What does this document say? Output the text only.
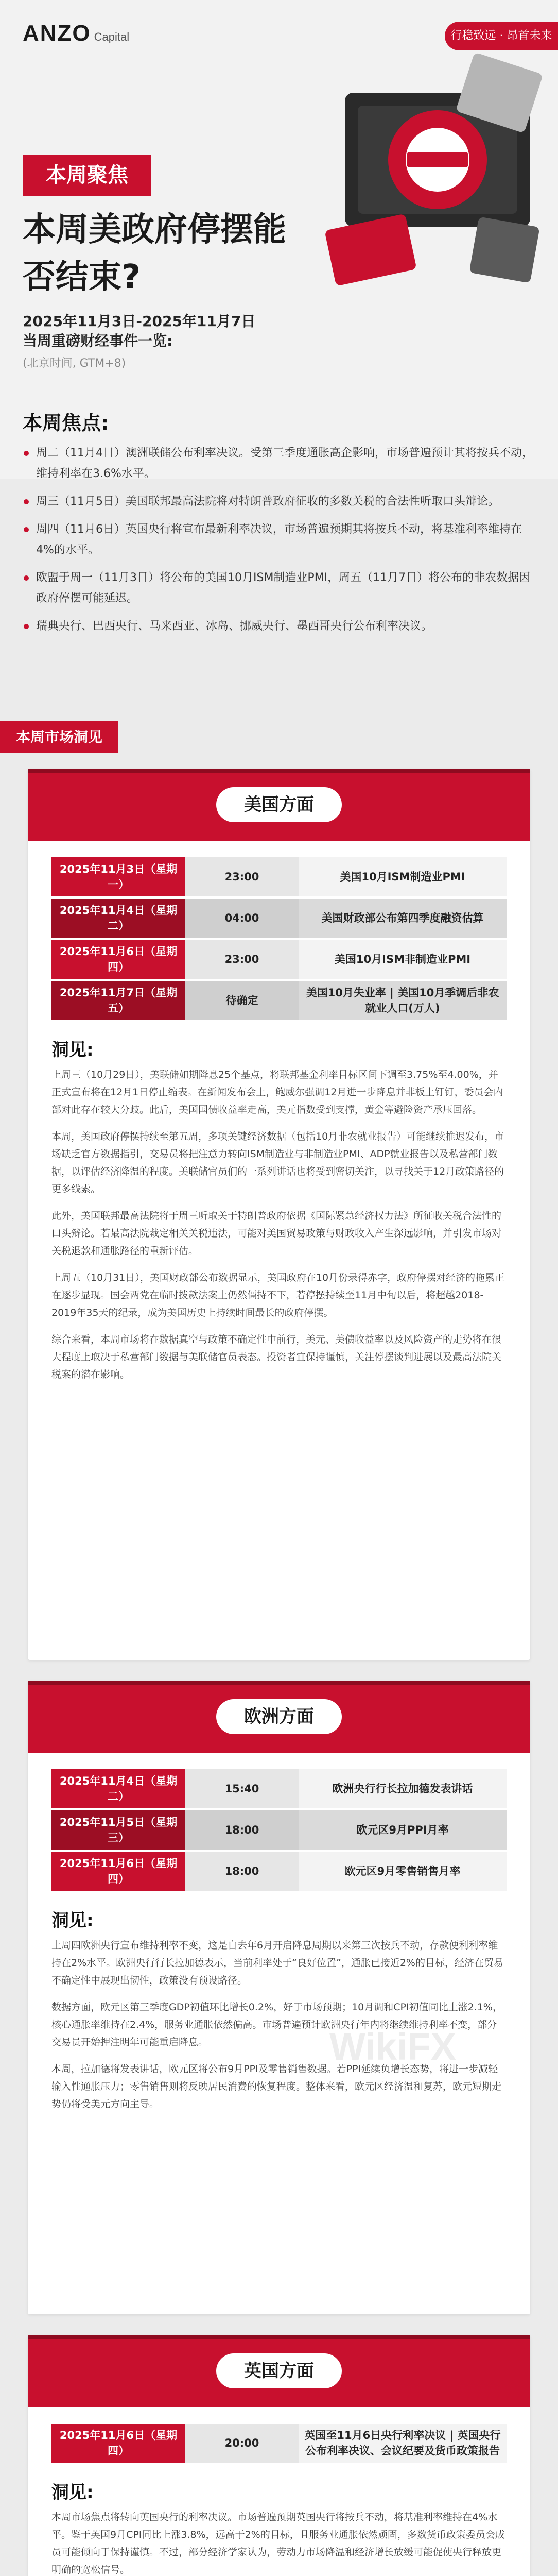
ANZO Capital	行稳致远 · 昂首未来
本周聚焦
本周美政府停摆能否结束?
2025年11月3日-2025年11月7日
当周重磅财经事件一览:
(北京时间, GTM+8)
本周焦点:
周二（11月4日）澳洲联储公布利率决议。受第三季度通胀高企影响，市场普遍预计其将按兵不动，维持利率在3.6%水平。
周三（11月5日）美国联邦最高法院将对特朗普政府征收的多数关税的合法性听取口头辩论。
周四（11月6日）英国央行将宣布最新利率决议，市场普遍预期其将按兵不动，将基准利率维持在4%的水平。
欧盟于周一（11月3日）将公布的美国10月ISM制造业PMI，周五（11月7日）将公布的非农数据因政府停摆可能延迟。
瑞典央行、巴西央行、马来西亚、冰岛、挪威央行、墨西哥央行公布利率决议。
本周市场洞见
美国方面
2025年11月3日（星期一）	23:00	美国10月ISM制造业PMI
2025年11月4日（星期二）	04:00	美国财政部公布第四季度融资估算
2025年11月6日（星期四）	23:00	美国10月ISM非制造业PMI
2025年11月7日（星期五）	待确定	美国10月失业率 | 美国10月季调后非农就业人口(万人)
洞见:

上周三（10月29日），美联储如期降息25个基点，将联邦基金利率目标区间下调至3.75%至4.00%，并正式宣布将在12月1日停止缩表。在新闻发布会上，鲍威尔强调12月进一步降息并非板上钉钉，委员会内部对此存在较大分歧。此后，美国国债收益率走高，美元指数受到支撑，黄金等避险资产承压回落。

本周，美国政府停摆持续至第五周，多项关键经济数据（包括10月非农就业报告）可能继续推迟发布，市场缺乏官方数据指引，交易员将把注意力转向ISM制造业与非制造业PMI、ADP就业报告以及私营部门数据，以评估经济降温的程度。美联储官员们的一系列讲话也将受到密切关注，以寻找关于12月政策路径的更多线索。

此外，美国联邦最高法院将于周三听取关于特朗普政府依据《国际紧急经济权力法》所征收关税合法性的口头辩论。若最高法院裁定相关关税违法，可能对美国贸易政策与财政收入产生深远影响，并引发市场对关税退款和通胀路径的重新评估。

上周五（10月31日），美国财政部公布数据显示，美国政府在10月份录得赤字，政府停摆对经济的拖累正在逐步显现。国会两党在临时拨款法案上仍然僵持不下，若停摆持续至11月中旬以后，将超越2018-2019年35天的纪录，成为美国历史上持续时间最长的政府停摆。

综合来看，本周市场将在数据真空与政策不确定性中前行，美元、美债收益率以及风险资产的走势将在很大程度上取决于私营部门数据与美联储官员表态。投资者宜保持谨慎，关注停摆谈判进展以及最高法院关税案的潜在影响。

欧洲方面
2025年11月4日（星期二）	15:40	欧洲央行行长拉加德发表讲话
2025年11月5日（星期三）	18:00	欧元区9月PPI月率
2025年11月6日（星期四）	18:00	欧元区9月零售销售月率
洞见:

上周四欧洲央行宣布维持利率不变，这是自去年6月开启降息周期以来第三次按兵不动，存款便利利率维持在2%水平。欧洲央行行长拉加德表示，当前利率处于“良好位置”，通胀已接近2%的目标，经济在贸易不确定性中展现出韧性，政策没有预设路径。

数据方面，欧元区第三季度GDP初值环比增长0.2%，好于市场预期；10月调和CPI初值同比上涨2.1%，核心通胀率维持在2.4%，服务业通胀依然偏高。市场普遍预计欧洲央行年内将继续维持利率不变，部分交易员开始押注明年可能重启降息。

本周，拉加德将发表讲话，欧元区将公布9月PPI及零售销售数据。若PPI延续负增长态势，将进一步减轻输入性通胀压力；零售销售则将反映居民消费的恢复程度。整体来看，欧元区经济温和复苏，欧元短期走势仍将受美元方向主导。

英国方面
2025年11月6日（星期四）	20:00	英国至11月6日央行利率决议 | 英国央行公布利率决议、会议纪要及货币政策报告
洞见:

本周市场焦点将转向英国央行的利率决议。市场普遍预期英国央行将按兵不动，将基准利率维持在4%水平。鉴于英国9月CPI同比上涨3.8%，远高于2%的目标，且服务业通胀依然顽固，多数货币政策委员会成员可能倾向于保持谨慎。不过，部分经济学家认为，劳动力市场降温和经济增长放缓可能促使央行释放更明确的宽松信号。

WikiFX
